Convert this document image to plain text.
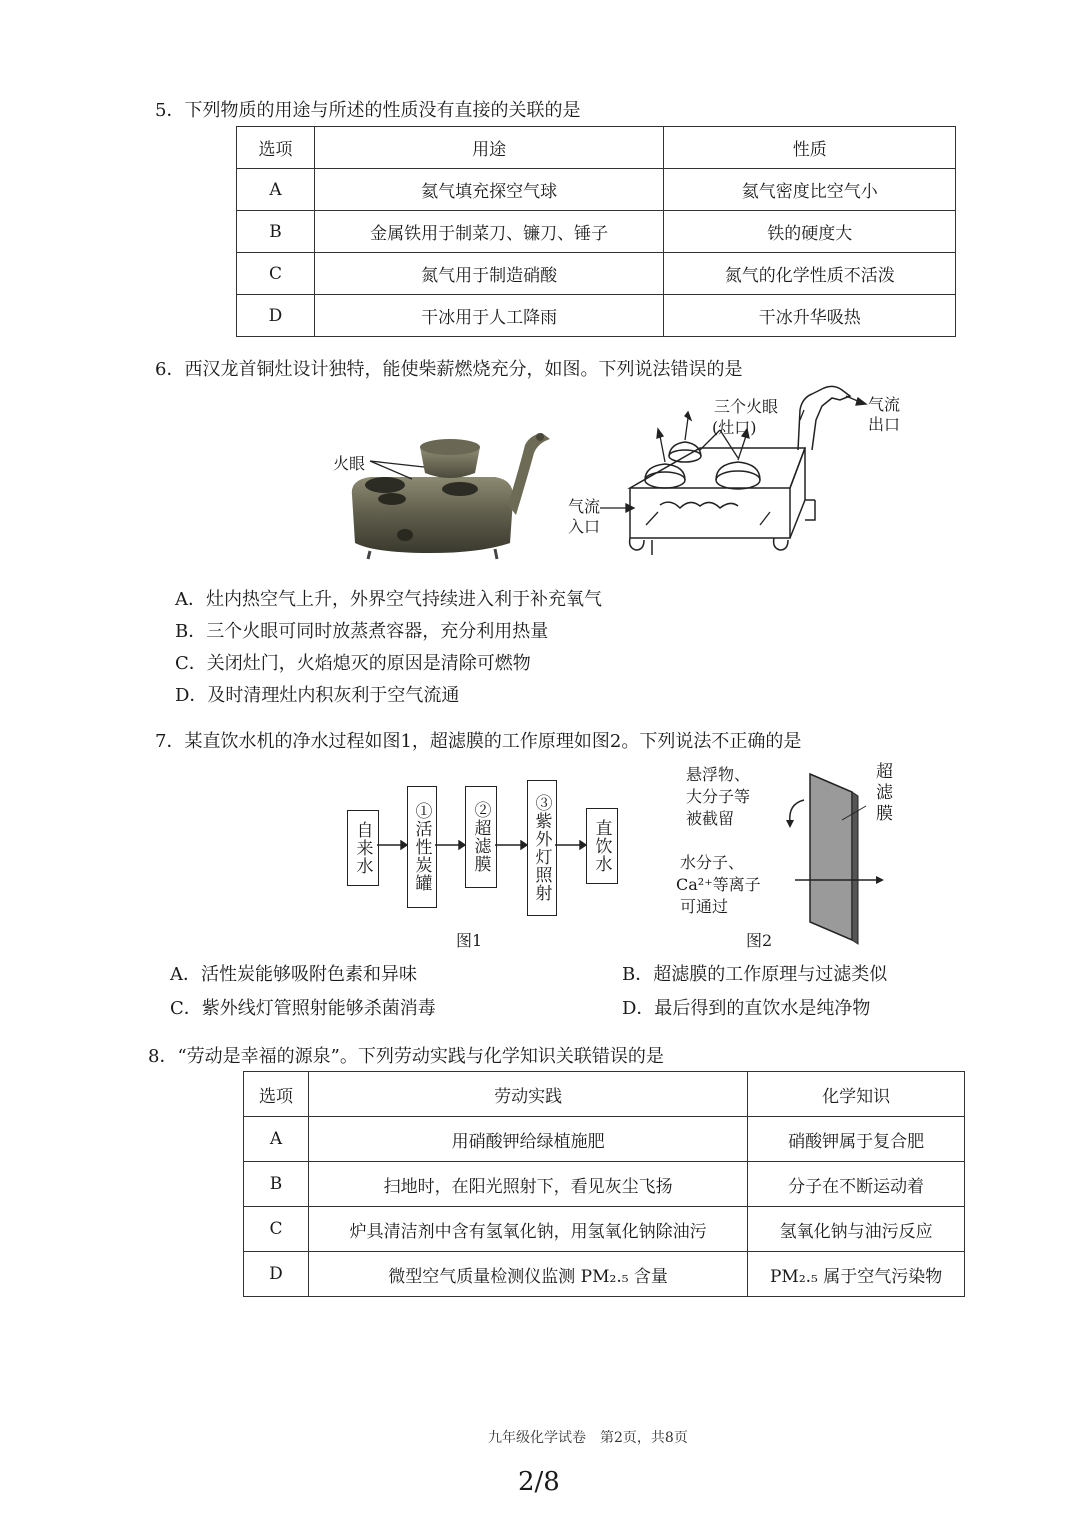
5．下列物质的用途与所述的性质没有直接的关联的是
选项	用途	性质
A	氦气填充探空气球	氦气密度比空气小
B	金属铁用于制菜刀、镰刀、锤子	铁的硬度大
C	氮气用于制造硝酸	氮气的化学性质不活泼
D	干冰用于人工降雨	干冰升华吸热
6．西汉龙首铜灶设计独特，能使柴薪燃烧充分，如图。下列说法错误的是
火眼
三个火眼
(灶口)
气流
出口
气流
入口
A．灶内热空气上升，外界空气持续进入利于补充氧气
B．三个火眼可同时放蒸煮容器，充分利用热量
C．关闭灶门，火焰熄灭的原因是清除可燃物
D．及时清理灶内积灰利于空气流通
7．某直饮水机的净水过程如图1，超滤膜的工作原理如图2。下列说法不正确的是
自来水	①活性炭罐	②超滤膜	③紫外灯照射	直饮水
图1
悬浮物、
大分子等
被截留
水分子、
Ca²⁺等离子
可通过
超滤膜
图2
A．活性炭能够吸附色素和异味	B．超滤膜的工作原理与过滤类似
C．紫外线灯管照射能够杀菌消毒	D．最后得到的直饮水是纯净物
8．“劳动是幸福的源泉”。下列劳动实践与化学知识关联错误的是
选项	劳动实践	化学知识
A	用硝酸钾给绿植施肥	硝酸钾属于复合肥
B	扫地时，在阳光照射下，看见灰尘飞扬	分子在不断运动着
C	炉具清洁剂中含有氢氧化钠，用氢氧化钠除油污	氢氧化钠与油污反应
D	微型空气质量检测仪监测 PM₂.₅ 含量	PM₂.₅ 属于空气污染物
九年级化学试卷　第2页，共8页
2/8
